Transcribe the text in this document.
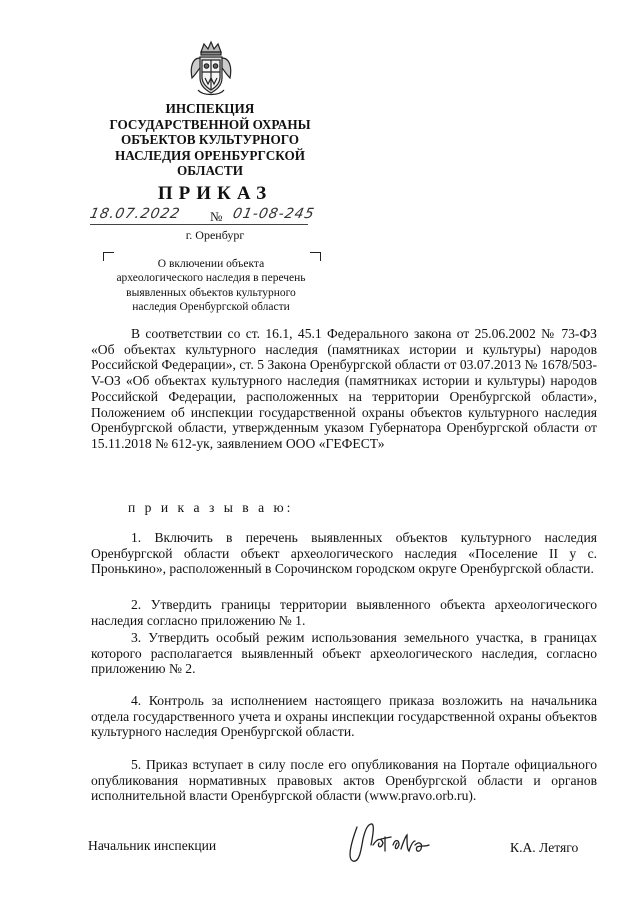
ИНСПЕКЦИЯ
ГОСУДАРСТВЕННОЙ ОХРАНЫ
ОБЪЕКТОВ КУЛЬТУРНОГО
НАСЛЕДИЯ ОРЕНБУРГСКОЙ
ОБЛАСТИ
ПРИКАЗ
18.07.2022 № 01-08-245
г. Оренбург
О включении объекта
археологического наследия в перечень
выявленных объектов культурного
наследия Оренбургской области
В соответствии со ст. 16.1, 45.1 Федерального закона от 25.06.2002 № 73-ФЗ «Об объектах культурного наследия (памятниках истории и культуры) народов Российской Федерации», ст. 5 Закона Оренбургской области от 03.07.2013 № 1678/503-V-ОЗ «Об объектах культурного наследия (памятниках истории и культуры) народов Российской Федерации, расположенных на территории Оренбургской области», Положением об инспекции государственной охраны объектов культурного наследия Оренбургской области, утвержденным указом Губернатора Оренбургской области от 15.11.2018 № 612-ук, заявлением ООО «ГЕФЕСТ»
п р и к а з ы в а ю:
1. Включить в перечень выявленных объектов культурного наследия Оренбургской области объект археологического наследия «Поселение II у с. Пронькино», расположенный в Сорочинском городском округе Оренбургской области.
2. Утвердить границы территории выявленного объекта археологического наследия согласно приложению № 1.
3. Утвердить особый режим использования земельного участка, в границах которого располагается выявленный объект археологического наследия, согласно приложению № 2.
4. Контроль за исполнением настоящего приказа возложить на начальника отдела государственного учета и охраны инспекции государственной охраны объектов культурного наследия Оренбургской области.
5. Приказ вступает в силу после его опубликования на Портале официального опубликования нормативных правовых актов Оренбургской области и органов исполнительной власти Оренбургской области (www.pravo.orb.ru).
Начальник инспекции	К.А. Летяго
